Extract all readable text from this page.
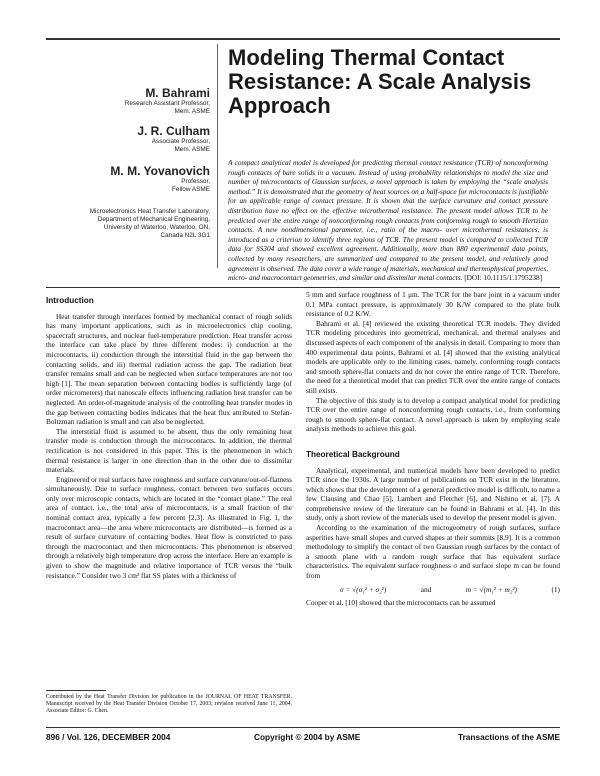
Modeling Thermal Contact
Resistance: A Scale Analysis
Approach
M. Bahrami
Research Assistant Professor,
Mem. ASME
J. R. Culham
Associate Professor,
Mem. ASME
M. M. Yovanovich
Professor,
Fellow ASME
Microelectronics Heat Transfer Laboratory,
Department of Mechanical Engineering,
University of Waterloo, Waterloo, ON,
Canada N2L 3G1
A compact analytical model is developed for predicting thermal contact resistance (TCR) of nonconforming rough contacts of bare solids in a vacuum. Instead of using probability relationships to model the size and number of microcontacts of Gaussian surfaces, a novel approach is taken by employing the “scale analysis method.” It is demonstrated that the geometry of heat sources on a half-space for microcontacts is justifiable for an applicable range of contact pressure. It is shown that the surface curvature and contact pressure distribution have no effect on the effective microthermal resistance. The present model allows TCR to be predicted over the entire range of nonconforming rough contacts from conforming rough to smooth Hertzian contacts. A new nondimensional parameter, i.e., ratio of the macro- over microthermal resistances, is introduced as a criterion to identify three regions of TCR. The present model is compared to collected TCR data for SS304 and showed excellent agreement. Additionally, more than 880 experimental data points, collected by many researchers, are summarized and compared to the present model, and relatively good agreement is observed. The data cover a wide range of materials, mechanical and thermophysical properties, micro- and macrocontact geometries, and similar and dissimilar metal contacts. [DOI: 10.1115/1.1795238]
Introduction

Heat transfer through interfaces formed by mechanical contact of rough solids has many important applications, such as in microelectronics chip cooling, spacecraft structures, and nuclear fuel-temperature prediction. Heat transfer across the interface can take place by three different modes: i) conduction at the microcontacts, ii) conduction through the interstitial fluid in the gap between the contacting solids, and iii) thermal radiation across the gap. The radiation heat transfer remains small and can be neglected when surface temperatures are not too high [1]. The mean separation between contacting bodies is sufficiently large (of order micrometers) that nanoscale effects influencing radiation heat transfer can be neglected. An order-of-magnitude analysis of the controlling heat transfer modes in the gap between contacting bodies indicates that the heat flux attributed to Stefan-Boltzman radiation is small and can also be neglected.

The interstitial fluid is assumed to be absent, thus the only remaining heat transfer mode is conduction through the microcontacts. In addition, the thermal rectification is not considered in this paper. This is the phenomenon in which thermal resistance is larger in one direction than in the other due to dissimilar materials.

Engineered or real surfaces have roughness and surface curvature/out-of-flatness simultaneously. Due to surface roughness, contact between two surfaces occurs only over microscopic contacts, which are located in the “contact plane.” The real area of contact, i.e., the total area of microcontacts, is a small fraction of the nominal contact area, typically a few percent [2,3]. As illustrated in Fig. 1, the macrocontact area—the area where microcontacts are distributed—is formed as a result of surface curvature of contacting bodies. Heat flow is constricted to pass through the macrocontact and then microcontacts. This phenomenon is observed through a relatively high temperature drop across the interface. Here an example is given to show the magnitude and relative importance of TCR versus the “bulk resistance.” Consider two 3 cm² flat SS plates with a thickness of

Contributed by the Heat Transfer Division for publication in the JOURNAL OF HEAT TRANSFER. Manuscript received by the Heat Transfer Division October 17, 2003; revision received June 11, 2004. Associate Editor: G. Chen.

5 mm and surface roughness of 1 μm. The TCR for the bare joint in a vacuum under 0.1 MPa contact pressure, is approximately 30 K/W compared to the plate bulk resistance of 0.2 K/W.

Bahrami et al. [4] reviewed the existing theoretical TCR models. They divided TCR modeling procedures into geometrical, mechanical, and thermal analyses and discussed aspects of each component of the analysis in detail. Comparing to more than 400 experimental data points, Bahrami et al. [4] showed that the existing analytical models are applicable only to the limiting cases, namely, conforming rough contacts and smooth sphere-flat contacts and do not cover the entire range of TCR. Therefore, the need for a theoretical model that can predict TCR over the entire range of contacts still exists.

The objective of this study is to develop a compact analytical model for predicting TCR over the entire range of nonconforming rough contacts, i.e., from conforming rough to smooth sphere-flat contact. A novel approach is taken by employing scale analysis methods to achieve this goal.

Theoretical Background

Analytical, experimental, and numerical models have been developed to predict TCR since the 1930s. A large number of publications on TCR exist in the literature, which shows that the development of a general predictive model is difficult, to name a few Clausing and Chao [5], Lambert and Fletcher [6], and Nishino et al. [7]. A comprehensive review of the literature can be found in Bahrami et al. [4]. In this study, only a short review of the materials used to develop the present model is given.

According to the examination of the microgeometry of rough surfaces, surface asperities have small slopes and curved shapes at their summits [8,9]. It is a common methodology to simplify the contact of two Gaussian rough surfaces by the contact of a smooth plane with a random rough surface that has equivalent surface characteristics. The equivalent surface roughness σ and surface slope m can be found from

σ = √(σ₁² + σ₂²)	and	m = √(m₁² + m₂²)	(1)

Cooper et al. [10] showed that the microcontacts can be assumed

896 / Vol. 126, DECEMBER 2004	Copyright © 2004 by ASME	Transactions of the ASME
